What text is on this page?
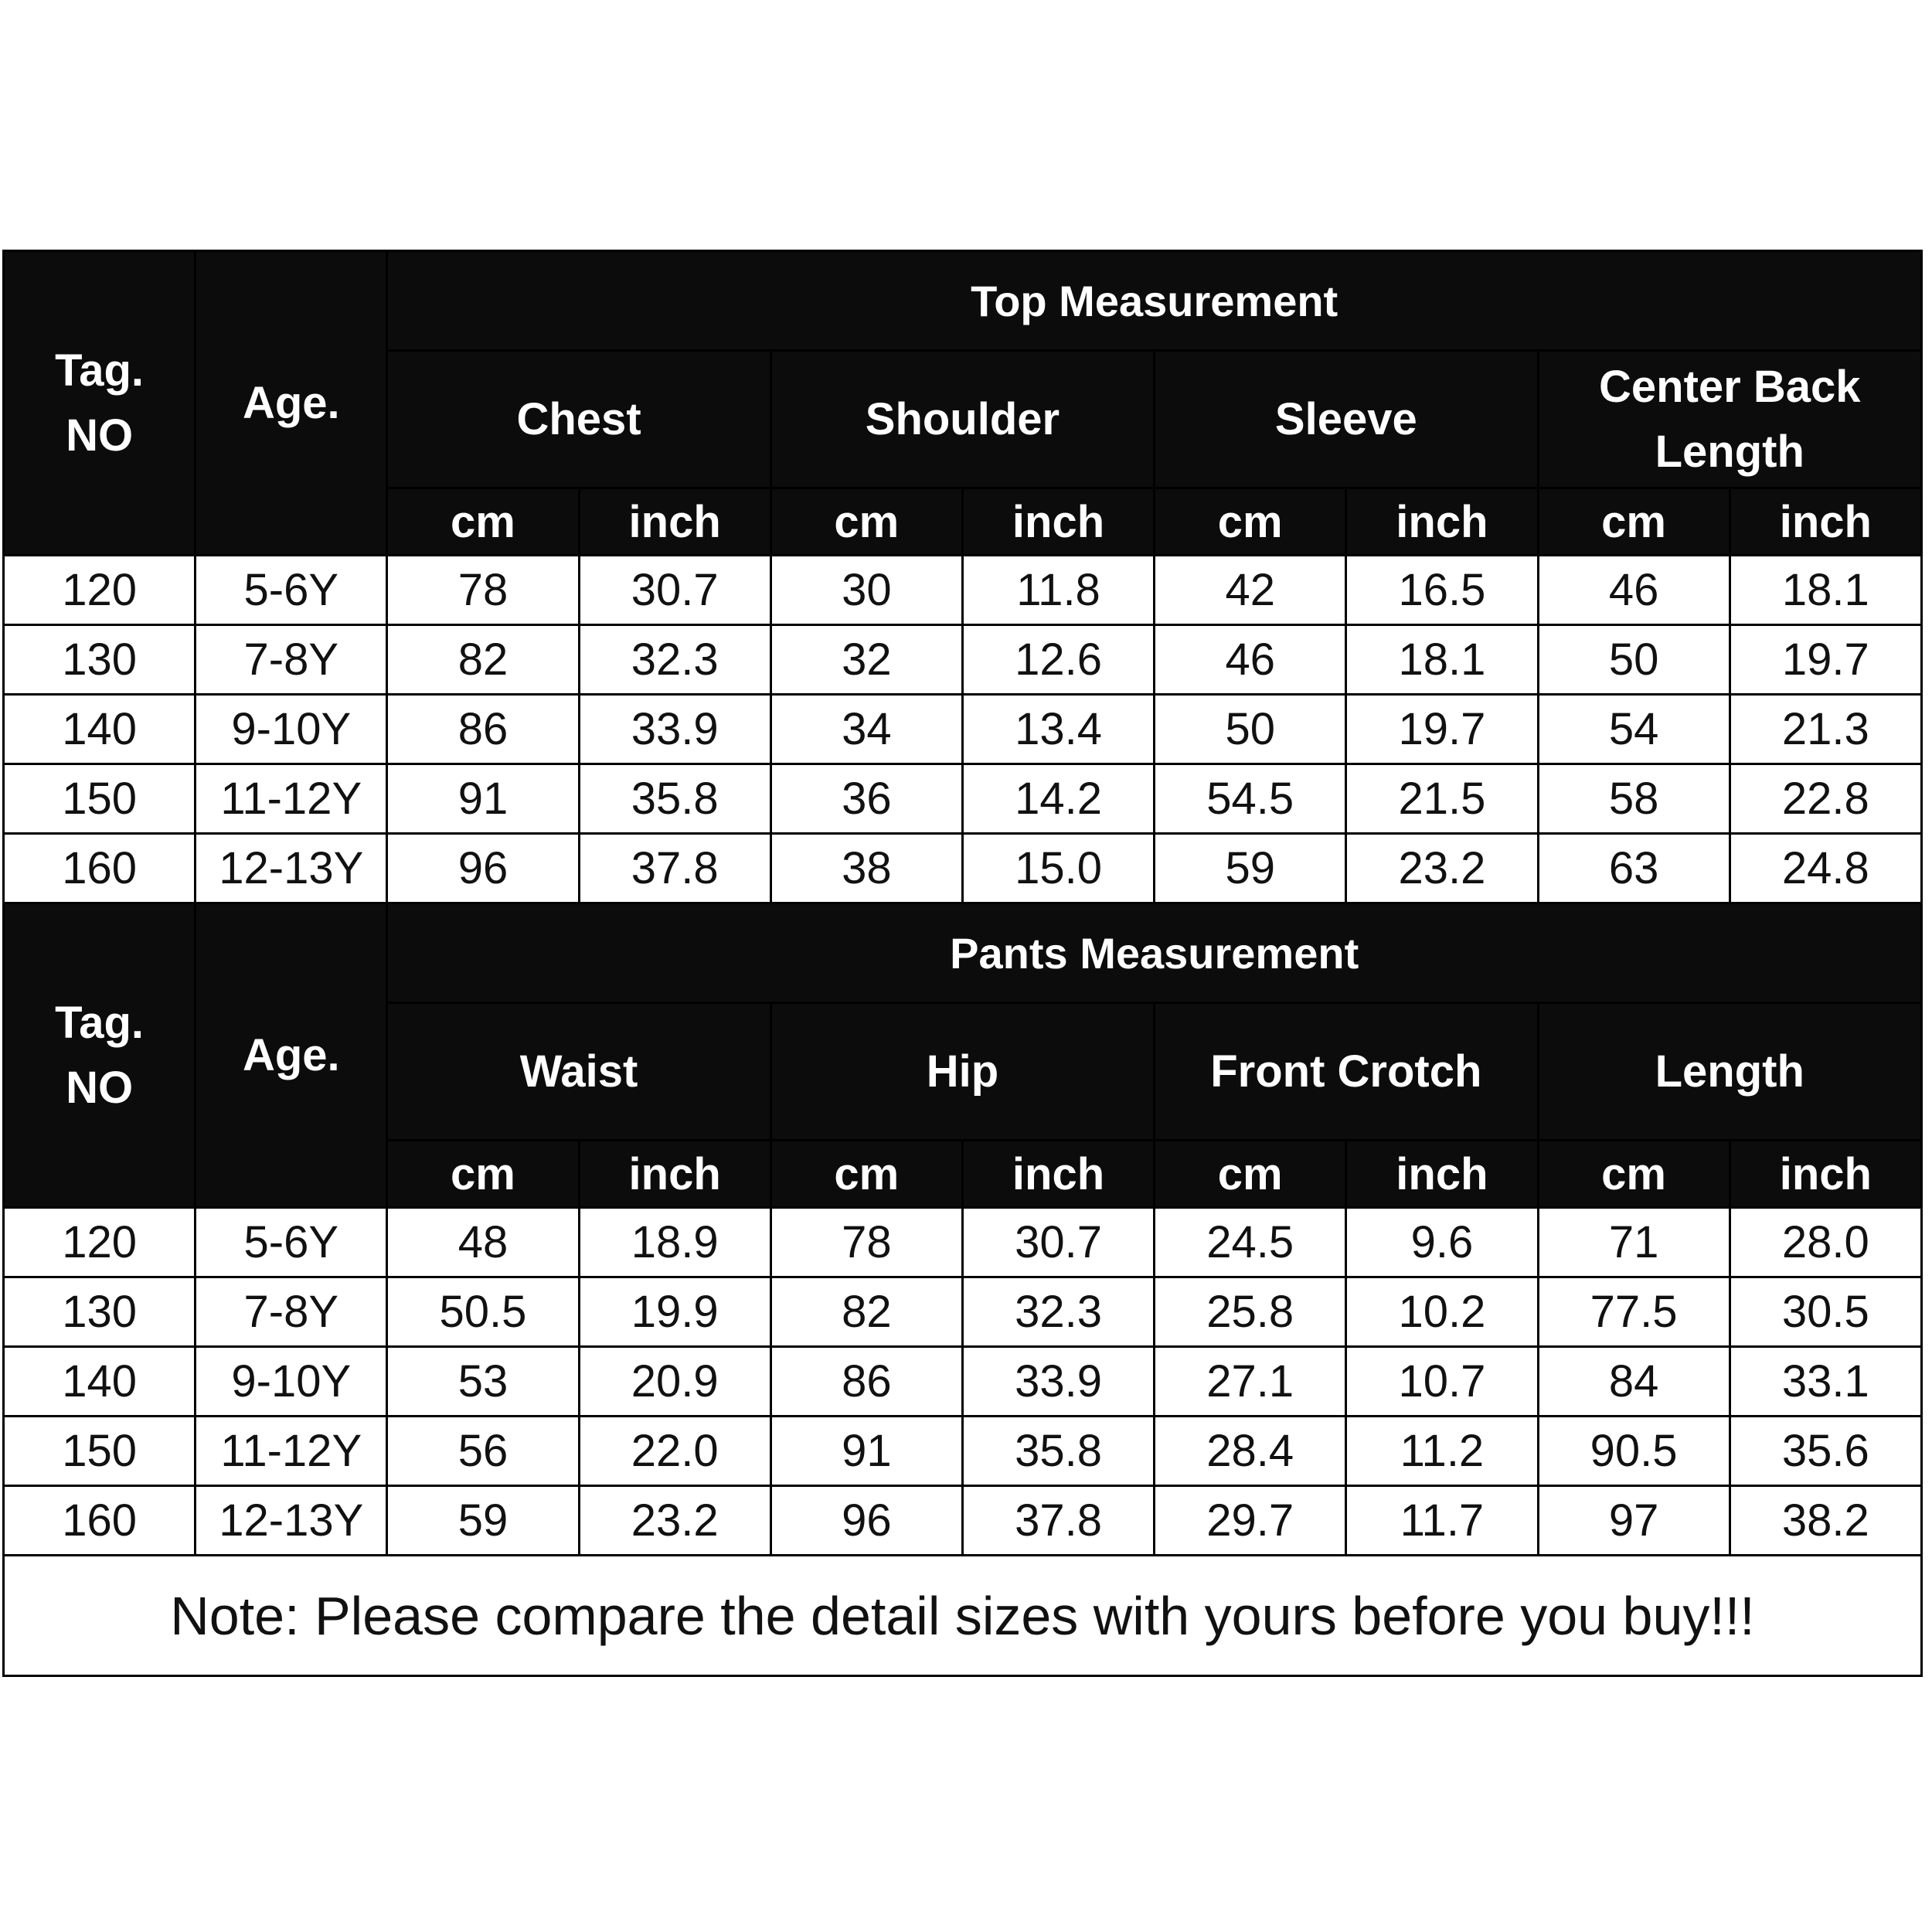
Tag.
NO	Age.	Top Measurement							
		Chest		Shoulder		Sleeve		Center Back Length	
		cm	inch	cm	inch	cm	inch	cm	inch
120	5-6Y	78	30.7	30	11.8	42	16.5	46	18.1
130	7-8Y	82	32.3	32	12.6	46	18.1	50	19.7
140	9-10Y	86	33.9	34	13.4	50	19.7	54	21.3
150	11-12Y	91	35.8	36	14.2	54.5	21.5	58	22.8
160	12-13Y	96	37.8	38	15.0	59	23.2	63	24.8
Tag.
NO	Age.	Pants Measurement							
		Waist		Hip		Front Crotch		Length	
		cm	inch	cm	inch	cm	inch	cm	inch
120	5-6Y	48	18.9	78	30.7	24.5	9.6	71	28.0
130	7-8Y	50.5	19.9	82	32.3	25.8	10.2	77.5	30.5
140	9-10Y	53	20.9	86	33.9	27.1	10.7	84	33.1
150	11-12Y	56	22.0	91	35.8	28.4	11.2	90.5	35.6
160	12-13Y	59	23.2	96	37.8	29.7	11.7	97	38.2
Note: Please compare the detail sizes with yours before you buy!!!
